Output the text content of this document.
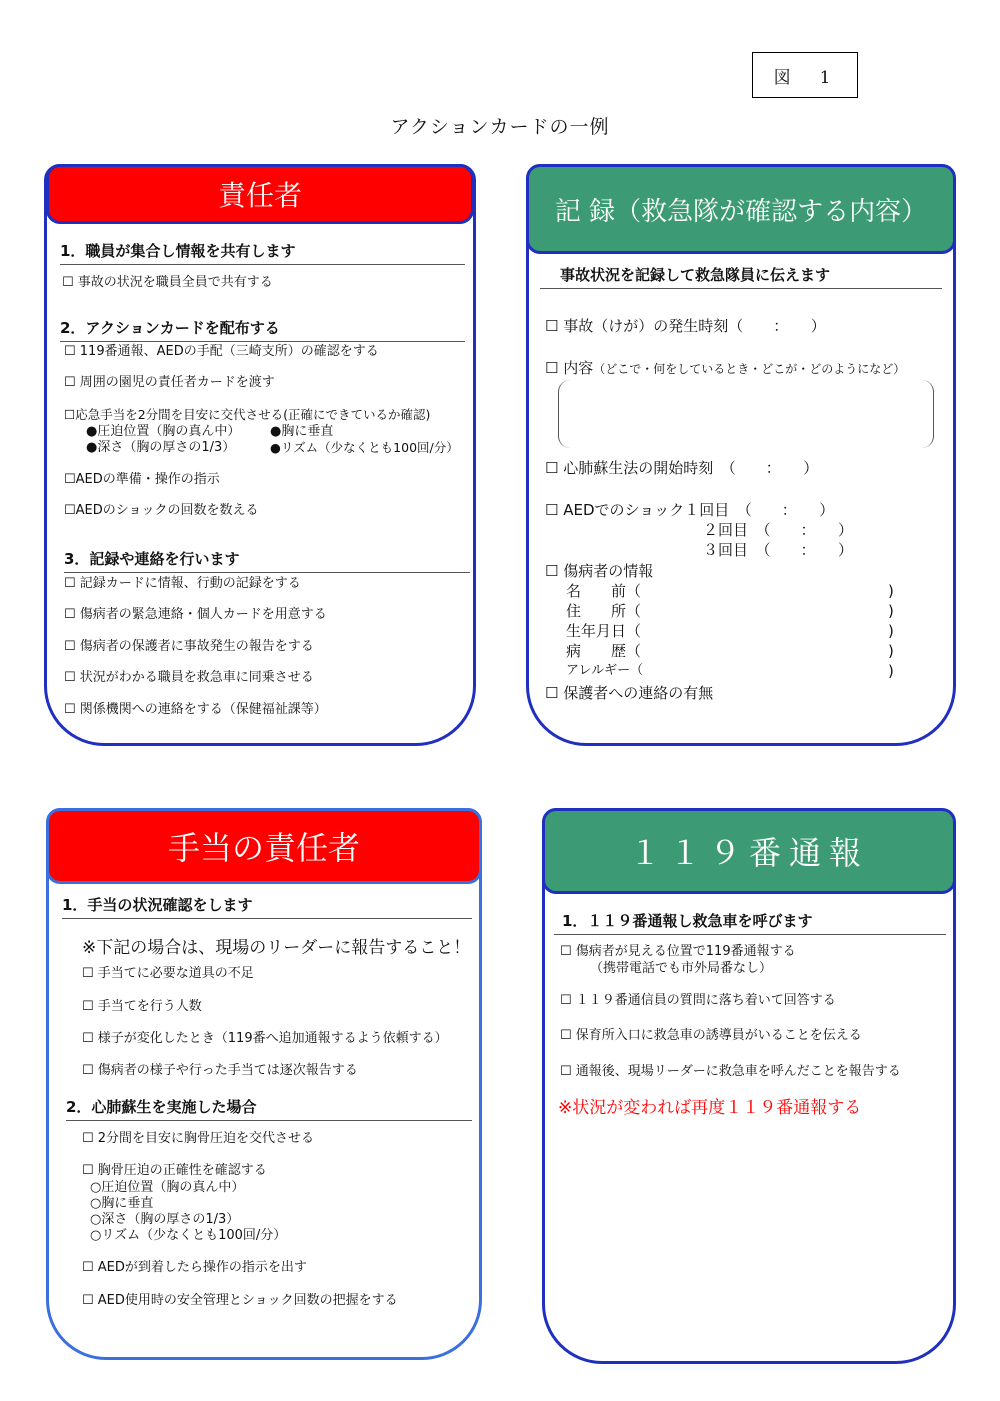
図　1
アクションカードの一例
責任者
1．職員が集合し情報を共有します
☐ 事故の状況を職員全員で共有する
2．アクションカードを配布する
☐ 119番通報、AEDの手配（三崎支所）の確認をする
☐ 周囲の園児の責任者カードを渡す
☐応急手当を2分間を目安に交代させる(正確にできているか確認)
●圧迫位置（胸の真ん中） ●胸に垂直
●深さ（胸の厚さの1/3）	●リズム（少なくとも100回/分）
☐AEDの準備・操作の指示
☐AEDのショックの回数を数える
3．記録や連絡を行います
☐ 記録カードに情報、行動の記録をする
☐ 傷病者の緊急連絡・個人カードを用意する
☐ 傷病者の保護者に事故発生の報告をする
☐ 状況がわかる職員を救急車に同乗させる
☐ 関係機関への連絡をする（保健福祉課等）
記 録（救急隊が確認する内容）
事故状況を記録して救急隊員に伝えます
☐ 事故（けが）の発生時刻（　　：　　）
☐ 内容（どこで・何をしているとき・どこが・どのようになど）
☐ 心肺蘇生法の開始時刻　（　　：　　）
☐ AEDでのショック１回目　（　　：　　）
２回目　（　　：　　）
３回目　（　　：　　）
☐ 傷病者の情報
名　　前（
住　　所（
生年月日（
病　　歴（
アレルギー（
)
)
)
)
)
☐ 保護者への連絡の有無
手当の責任者
1．手当の状況確認をします
※下記の場合は、現場のリーダーに報告すること！
☐ 手当てに必要な道具の不足
☐ 手当てを行う人数
☐ 様子が変化したとき（119番へ追加通報するよう依頼する）
☐ 傷病者の様子や行った手当ては逐次報告する
2．心肺蘇生を実施した場合
☐ 2分間を目安に胸骨圧迫を交代させる
☐ 胸骨圧迫の正確性を確認する
○圧迫位置（胸の真ん中）
○胸に垂直
○深さ（胸の厚さの1/3）
○リズム（少なくとも100回/分）
☐ AEDが到着したら操作の指示を出す
☐ AED使用時の安全管理とショック回数の把握をする
１１９番通報
1．１１９番通報し救急車を呼びます
☐ 傷病者が見える位置で119番通報する
（携帯電話でも市外局番なし）
☐ １１９番通信員の質問に落ち着いて回答する
☐ 保育所入口に救急車の誘導員がいることを伝える
☐ 通報後、現場リーダーに救急車を呼んだことを報告する
※状況が変われば再度１１９番通報する
